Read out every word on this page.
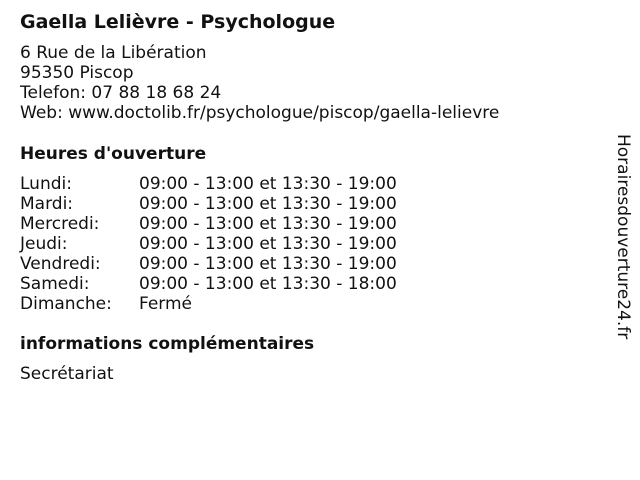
Gaella Lelièvre - Psychologue
6 Rue de la Libération
95350 Piscop
Telefon: 07 88 18 68 24
Web: www.doctolib.fr/psychologue/piscop/gaella-lelievre
Heures d'ouverture
Lundi:	09:00 - 13:00 et 13:30 - 19:00
Mardi:	09:00 - 13:00 et 13:30 - 19:00
Mercredi:	09:00 - 13:00 et 13:30 - 19:00
Jeudi:	09:00 - 13:00 et 13:30 - 19:00
Vendredi:	09:00 - 13:00 et 13:30 - 19:00
Samedi:	09:00 - 13:00 et 13:30 - 18:00
Dimanche:	Fermé
informations complémentaires
Secrétariat
Horairesdouverture24.fr
